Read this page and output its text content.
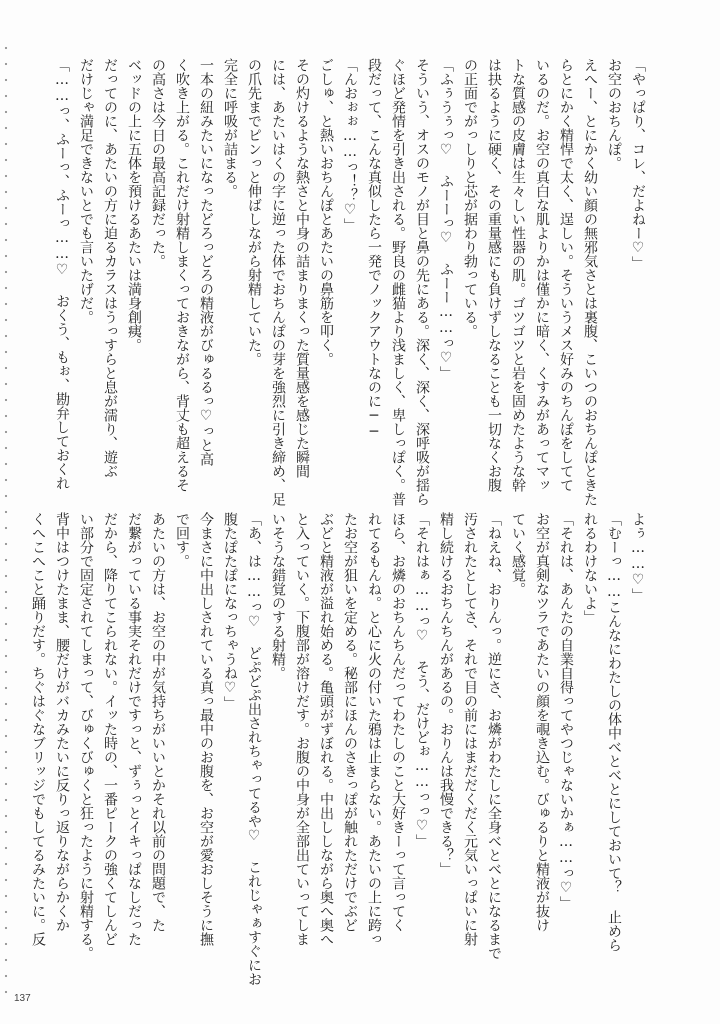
「やっぱり、コレ、だよねー♡」
お空のおちんぽ。
えへー、とにかく幼い顔の無邪気さとは裏腹、こいつのおちんぽときた
らとにかく精悍で太く、逞しい。そういうメス好みのちんぽをしてて
いるのだ。お空の真白な肌よりかは僅かに暗く、くすみがあってマッ
トな質感の皮膚は生々しい性器の肌。ゴツゴツと岩を固めたような幹
は抉るように硬く、その重量感にも負けずしなることも一切なくお腹
の正面でがっしりと芯が据わり勃っている。
「ふぅうぅっ♡ ふーーっ♡ ふーー……っ♡」
そういう、オスのモノが目と鼻の先にある。深く、深く、深呼吸が揺ら
ぐほど発情を引き出される。野良の雌猫より浅ましく、卑しっぽく。普
段だって、こんな真似したら一発でノックアウトなのに──
「んおぉぉ……っ！？♡」
ごしゅ、と熱いおちんぽとあたいの鼻筋を叩く。
その灼けるような熱さと中身の詰まりまくった質量感を感じた瞬間
には、あたいはくの字に逆った体でおちんぽの芽を強烈に引き締め、足
の爪先までピンっと伸ばしながら射精していた。
完全に呼吸が詰まる。
一本の紐みたいになったどろっどろの精液がびゅるるっ♡っと高
く吹き上がる。これだけ射精しまくっておきながら、背丈も超えるそ
の高さは今日の最高記録だった。
ベッドの上に五体を預けるあたいは満身創痍。
だってのに、あたいの方に迫るカラスはうっすらと息が濡り、遊ぶ
だけじゃ満足できないとでも言いたげだ。
「……っ、ふーっ、ふーっ……♡ おくう、もぉ、勘弁しておくれ
よぅ……♡」
「むーっ……こんなにわたしの体中べとべとにしておいて？ 止めら
れるわけないよ」
「それは、あんたの自業自得ってやつじゃないかぁ……っ♡」
お空が真剣なツラであたいの顔を覗き込む。びゅるりと精液が抜け
ていく感覚。
「ねえね、おりんっ。逆にさ、お燐がわたしに全身べとべとになるまで
汚されたとしてさ、それで目の前にはまだだくだく元気いっぱいに射
精し続けるおちんちんがあるの。おりんは我慢できる？」
「それはぁ……っ♡ そう、だけどぉ……っっ♡」
ほら、お燐のおちんちんだってわたしのこと大好きーって言ってく
れてるもんね。と心に火の付いた鴉は止まらない。あたいの上に跨っ
たお空が狙いを定める。秘部にほんのさきっぽが触れただけでぶど
ぶどと精液が溢れ始める。亀頭がずぼれる。中出ししながら奥へ奥へ
と入っていく。下腹部が溶けだす。お腹の中身が全部出ていってしま
いそうな錯覚のする射精。
「あ、は……っ♡ どぷどぷ出されちゃってるや♡ これじゃぁすぐにお
腹たぽたぽになっちゃうね♡」
今まさに中出しされている真っ最中のお腹を、お空が愛おしそうに撫
で回す。
あたいの方は、お空の中が気持ちがいいとかそれ以前の問題で、た
だ繋がっている事実それだけですっと、ずぅっとイキっぱなしだった
だから、降りてこられない。イッた時の、一番ピークの強くてしんど
い部分で固定されてしまって、びゅくびゅくと狂ったように射精する。
背中はつけたまま、腰だけがバカみたいに反りっ返りながらかくか
くへこへこと踊りだす。ちぐはぐなブリッジでもしてるみたいに。反
137
